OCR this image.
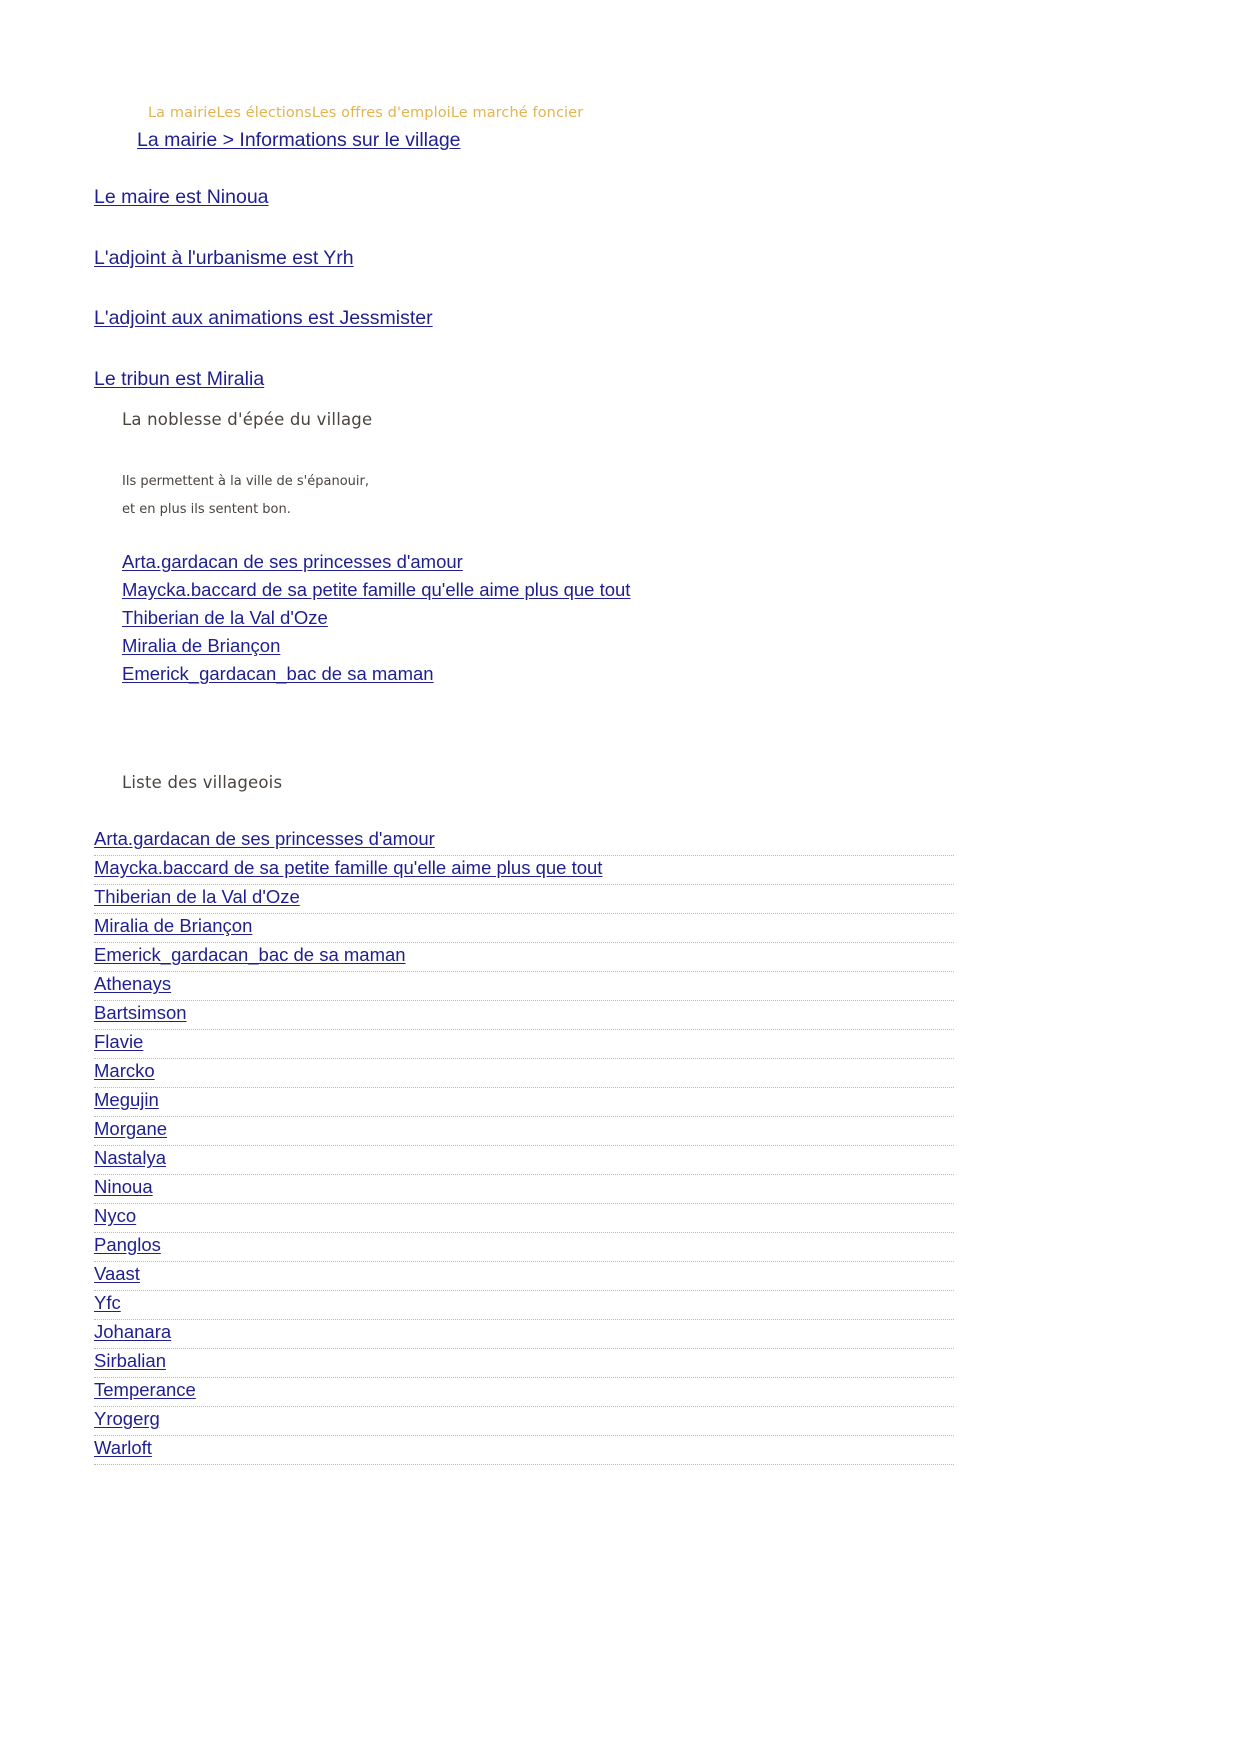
La mairieLes électionsLes offres d'emploiLe marché foncier
La mairie > Informations sur le village

Le maire est Ninoua

L'adjoint à l'urbanisme est Yrh

L'adjoint aux animations est Jessmister

Le tribun est Miralia

La noblesse d'épée du village
Ils permettent à la ville de s'épanouir,
et en plus ils sentent bon.
Arta.gardacan de ses princesses d'amour
Maycka.baccard de sa petite famille qu'elle aime plus que tout
Thiberian de la Val d'Oze
Miralia de Briançon
Emerick_gardacan_bac de sa maman
Liste des villageois
Arta.gardacan de ses princesses d'amour
Maycka.baccard de sa petite famille qu'elle aime plus que tout
Thiberian de la Val d'Oze
Miralia de Briançon
Emerick_gardacan_bac de sa maman
Athenays
Bartsimson
Flavie
Marcko
Megujin
Morgane
Nastalya
Ninoua
Nyco
Panglos
Vaast
Yfc
Johanara
Sirbalian
Temperance
Yrogerg
Warloft
